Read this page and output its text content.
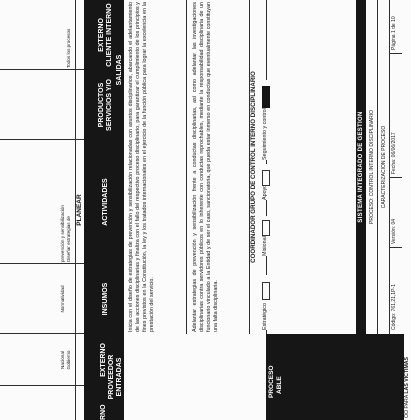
SISTEMA INTEGRADO DE GESTION PROCESO: CONTROL INTERNO DISCIPLINARIO	CARACTERIZACION DE PROCESO
Código: 761,21,1P-1
Versión: 04
Fecha: 06/06/2017
Página 1 de 10
PROCESO ABLE
ÓO PARA LAS VÍCTIMAS
Estratégico
Misional
Apoyo
Seguimiento y control
COORDINADOR GRUPO DE CONTROL INTERNO DISCIPLINARIO
Adelantar estrategias de prevención y sensibilización frente a conductas disciplinarias, así como adelantar las investigaciones disciplinarias contra servidores públicos en lo inherente con conductas reprochables, mediante la responsabilidad disciplinaria de un funcionario vinculado a la Entidad y de ser el caso, sancionatoria, que pueda estar inmerso en conductas que eventualmente constituyan una falta disciplinaria.
Inicia con el diseño de estrategias de prevención y sensibilización relacionadas con asuntos disciplinarios, abarcando el adelantamiento de las acciones disciplinarias y finaliza con el fallo del respectivo proceso disciplinario, para garantizar el cumplimiento de los principios y fines previstos en la Constitución, la ley y los tratados internacionales en el ejercicio de la función pública para lograr la excelencia en la prestación del servicio.
ENTRADAS
PROVEEDOR
EXTERNO
RNO
INSUMOS
ACTIVIDADES
SALIDAS
SERVICIOS Y/O
PRODUCTOS
CLIENTE INTERNO
EXTERNO
PLANEAR
Gobierno
Nacional
Normatividad
Diseñar estrategias de
prevención y sensibilización
Todos los procesos
